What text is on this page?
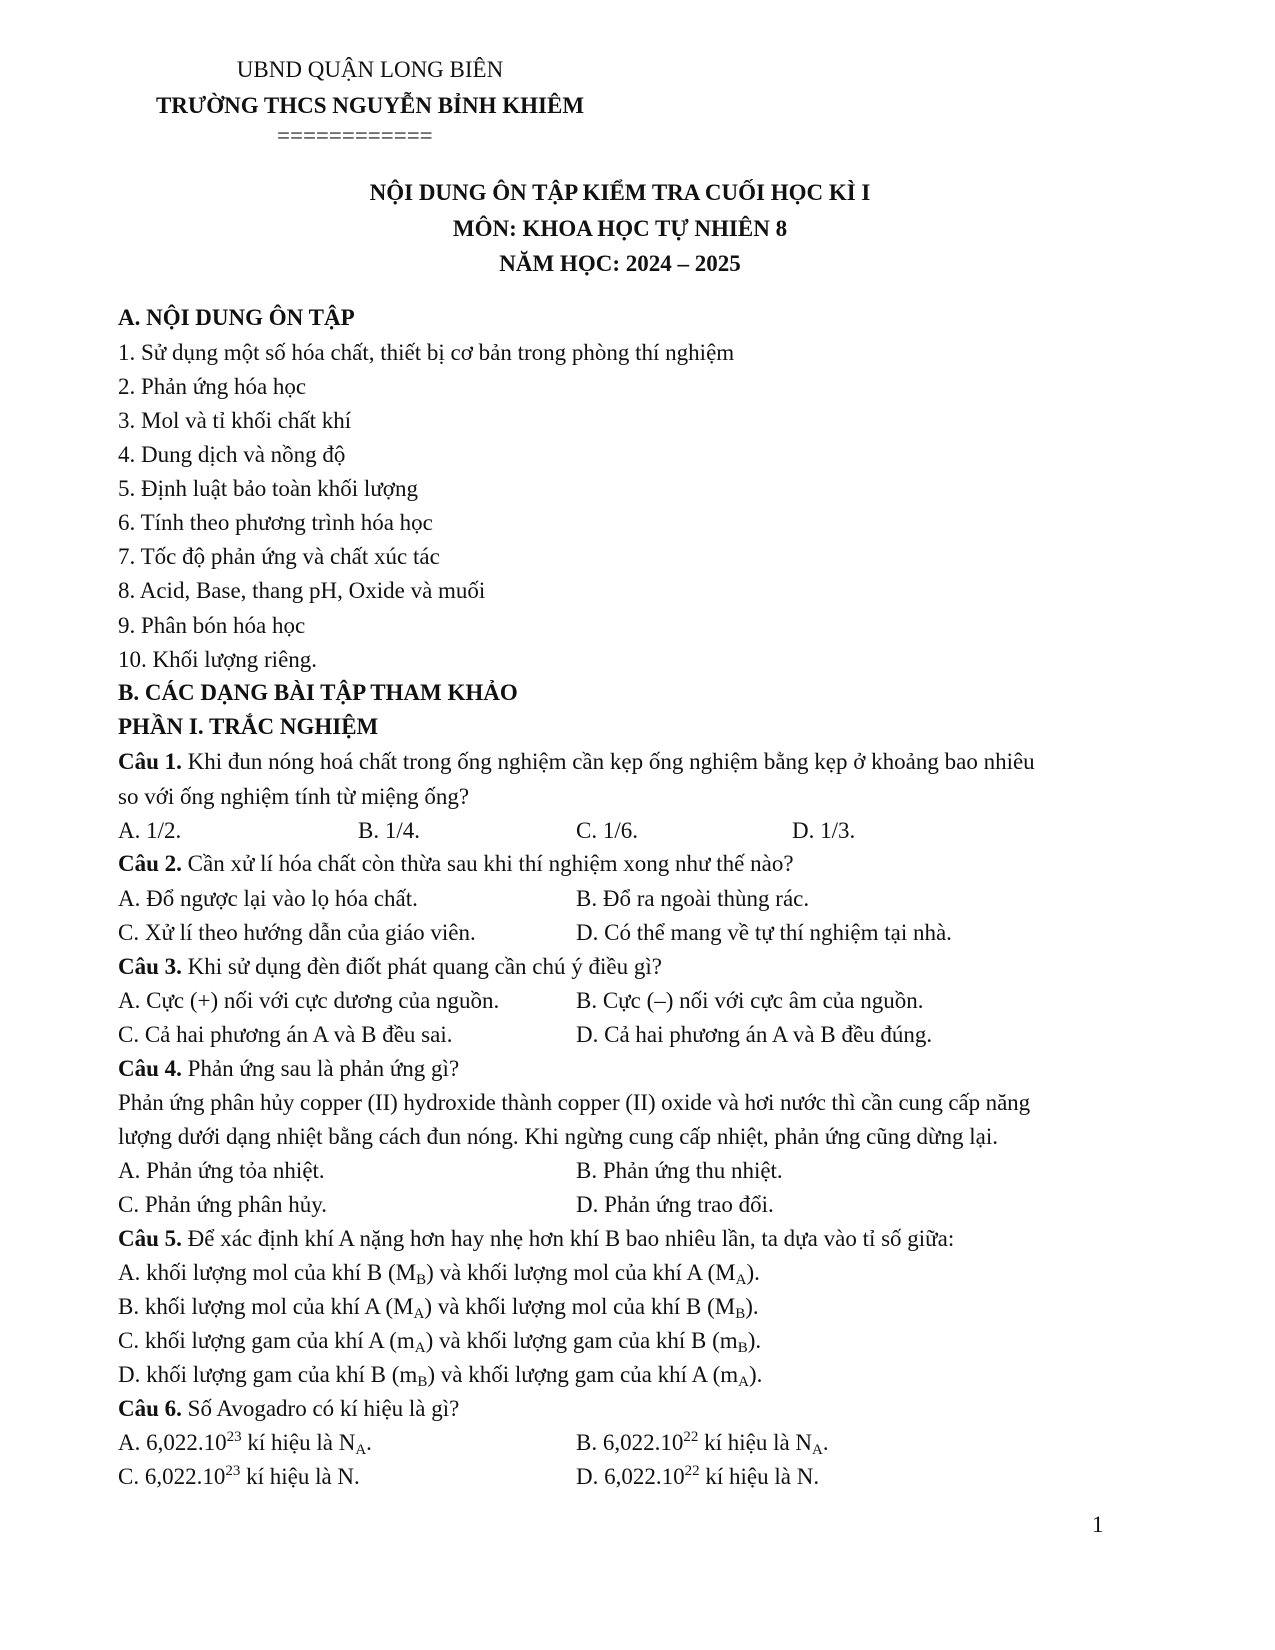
UBND QUẬN LONG BIÊN
TRƯỜNG THCS NGUYỄN BỈNH KHIÊM
============
NỘI DUNG ÔN TẬP KIỂM TRA CUỐI HỌC KÌ I
MÔN: KHOA HỌC TỰ NHIÊN 8
NĂM HỌC: 2024 – 2025
A. NỘI DUNG ÔN TẬP
1. Sử dụng một số hóa chất, thiết bị cơ bản trong phòng thí nghiệm
2. Phản ứng hóa học
3. Mol và tỉ khối chất khí
4. Dung dịch và nồng độ
5. Định luật bảo toàn khối lượng
6. Tính theo phương trình hóa học
7. Tốc độ phản ứng và chất xúc tác
8. Acid, Base, thang pH, Oxide và muối
9. Phân bón hóa học
10. Khối lượng riêng.
B. CÁC DẠNG BÀI TẬP THAM KHẢO
PHẦN I. TRẮC NGHIỆM
Câu 1. Khi đun nóng hoá chất trong ống nghiệm cần kẹp ống nghiệm bằng kẹp ở khoảng bao nhiêu
so với ống nghiệm tính từ miệng ống?
A. 1/2.	B. 1/4.	C. 1/6.	D. 1/3.
Câu 2. Cần xử lí hóa chất còn thừa sau khi thí nghiệm xong như thế nào?
A. Đổ ngược lại vào lọ hóa chất.	B. Đổ ra ngoài thùng rác.
C. Xử lí theo hướng dẫn của giáo viên.	D. Có thể mang về tự thí nghiệm tại nhà.
Câu 3. Khi sử dụng đèn điốt phát quang cần chú ý điều gì?
A. Cực (+) nối với cực dương của nguồn.	B. Cực (–) nối với cực âm của nguồn.
C. Cả hai phương án A và B đều sai.	D. Cả hai phương án A và B đều đúng.
Câu 4. Phản ứng sau là phản ứng gì?
Phản ứng phân hủy copper (II) hydroxide thành copper (II) oxide và hơi nước thì cần cung cấp năng
lượng dưới dạng nhiệt bằng cách đun nóng. Khi ngừng cung cấp nhiệt, phản ứng cũng dừng lại.
A. Phản ứng tỏa nhiệt.	B. Phản ứng thu nhiệt.
C. Phản ứng phân hủy.	D. Phản ứng trao đổi.
Câu 5. Để xác định khí A nặng hơn hay nhẹ hơn khí B bao nhiêu lần, ta dựa vào tỉ số giữa:
A. khối lượng mol của khí B $(M_B)$ và khối lượng mol của khí A $(M_A)$.
B. khối lượng mol của khí A $(M_A)$ và khối lượng mol của khí B $(M_B)$.
C. khối lượng gam của khí A $(m_A)$ và khối lượng gam của khí B $(m_B)$.
D. khối lượng gam của khí B $(m_B)$ và khối lượng gam của khí A $(m_A)$.
Câu 6. Số Avogadro có kí hiệu là gì?
A. 6,022.10$^{23}$ kí hiệu là $N_A$.	B. 6,022.10$^{22}$ kí hiệu là $N_A$.
C. 6,022.10$^{23}$ kí hiệu là N.	D. 6,022.10$^{22}$ kí hiệu là N.
1
